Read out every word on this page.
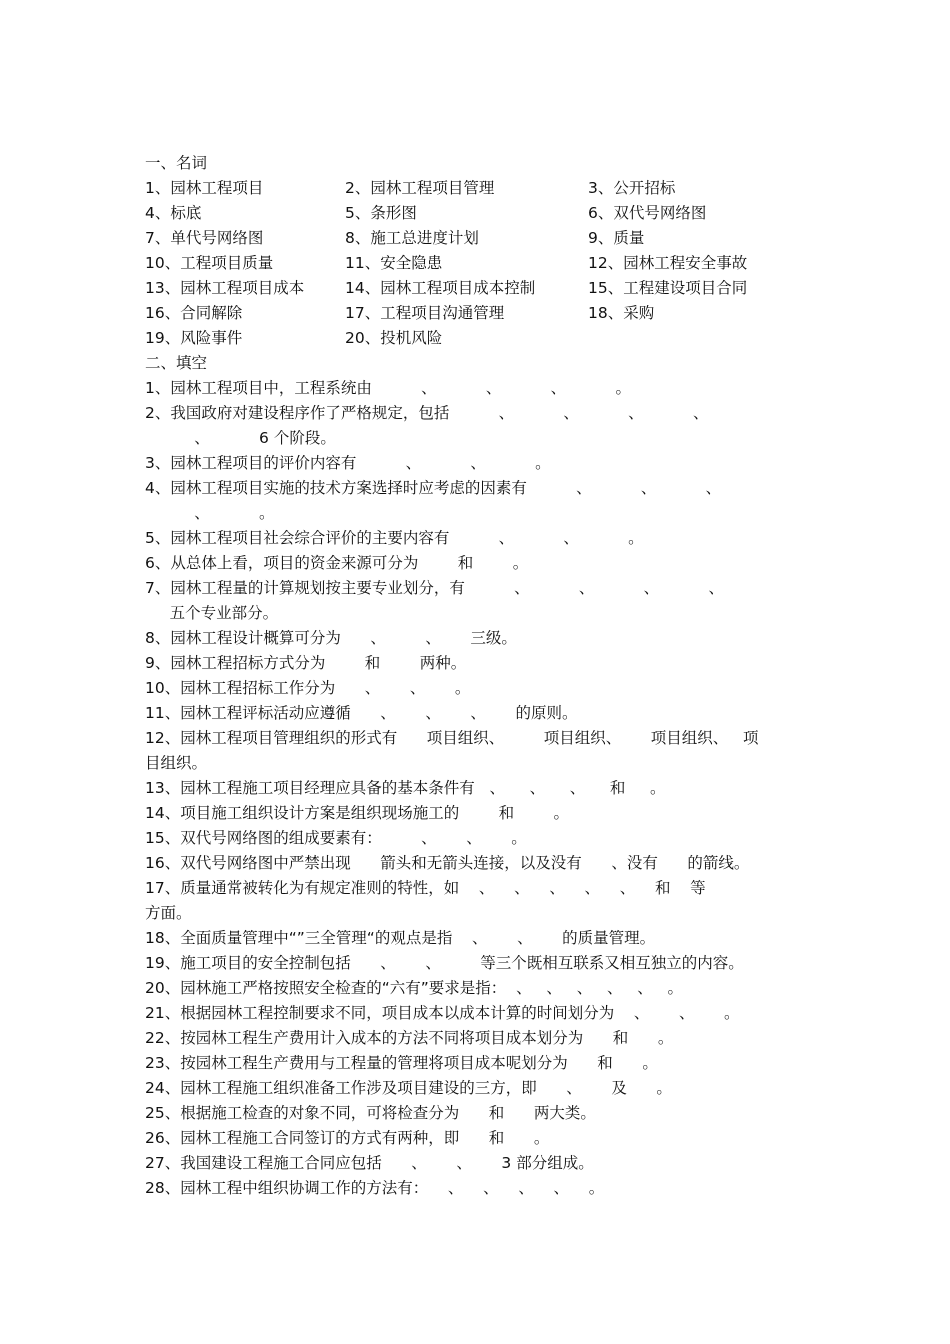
一、名词
1、园林工程项目	2、园林工程项目管理	3、公开招标
4、标底	5、条形图	6、双代号网络图
7、单代号网络图	8、施工总进度计划	9、质量
10、工程项目质量	11、安全隐患	12、园林工程安全事故
13、园林工程项目成本	14、园林工程项目成本控制	15、工程建设项目合同
16、合同解除	17、工程项目沟通管理	18、采购
19、风险事件	20、投机风险
二、填空
1、园林工程项目中，工程系统由          、          、          、          。
2、我国政府对建设程序作了严格规定，包括          、          、          、          、
、          6 个阶段。
3、园林工程项目的评价内容有          、          、          。
4、园林工程项目实施的技术方案选择时应考虑的因素有          、          、          、
、          。
5、园林工程项目社会综合评价的主要内容有          、          、          。
6、从总体上看，项目的资金来源可分为        和        。
7、园林工程量的计算规划按主要专业划分，有          、          、          、          、
五个专业部分。
8、园林工程设计概算可分为      、        、      三级。
9、园林工程招标方式分为        和        两种。
10、园林工程招标工作分为      、      、      。
11、园林工程评标活动应遵循      、      、      、      的原则。
12、园林工程项目管理组织的形式有      项目组织、        项目组织、      项目组织、   项
目组织。
13、园林工程施工项目经理应具备的基本条件有   、     、     、     和     。
14、项目施工组织设计方案是组织现场施工的        和        。
15、双代号网络图的组成要素有：        、      、      。
16、双代号网络图中严禁出现      箭头和无箭头连接，以及没有      、没有      的箭线。
17、质量通常被转化为有规定准则的特性，如    、    、    、    、    、    和    等
方面。
18、全面质量管理中“”三全管理“的观点是指    、      、      的质量管理。
19、施工项目的安全控制包括      、      、        等三个既相互联系又相互独立的内容。
20、园林施工严格按照安全检查的“六有”要求是指：  、   、   、   、   、   。
21、根据园林工程控制要求不同，项目成本以成本计算的时间划分为    、      、      。
22、按园林工程生产费用计入成本的方法不同将项目成本划分为      和      。
23、按园林工程生产费用与工程量的管理将项目成本呢划分为      和      。
24、园林工程施工组织准备工作涉及项目建设的三方，即      、      及      。
25、根据施工检查的对象不同，可将检查分为      和      两大类。
26、园林工程施工合同签订的方式有两种，即      和      。
27、我国建设工程施工合同应包括      、      、      3 部分组成。
28、园林工程中组织协调工作的方法有：    、    、    、    、    。
